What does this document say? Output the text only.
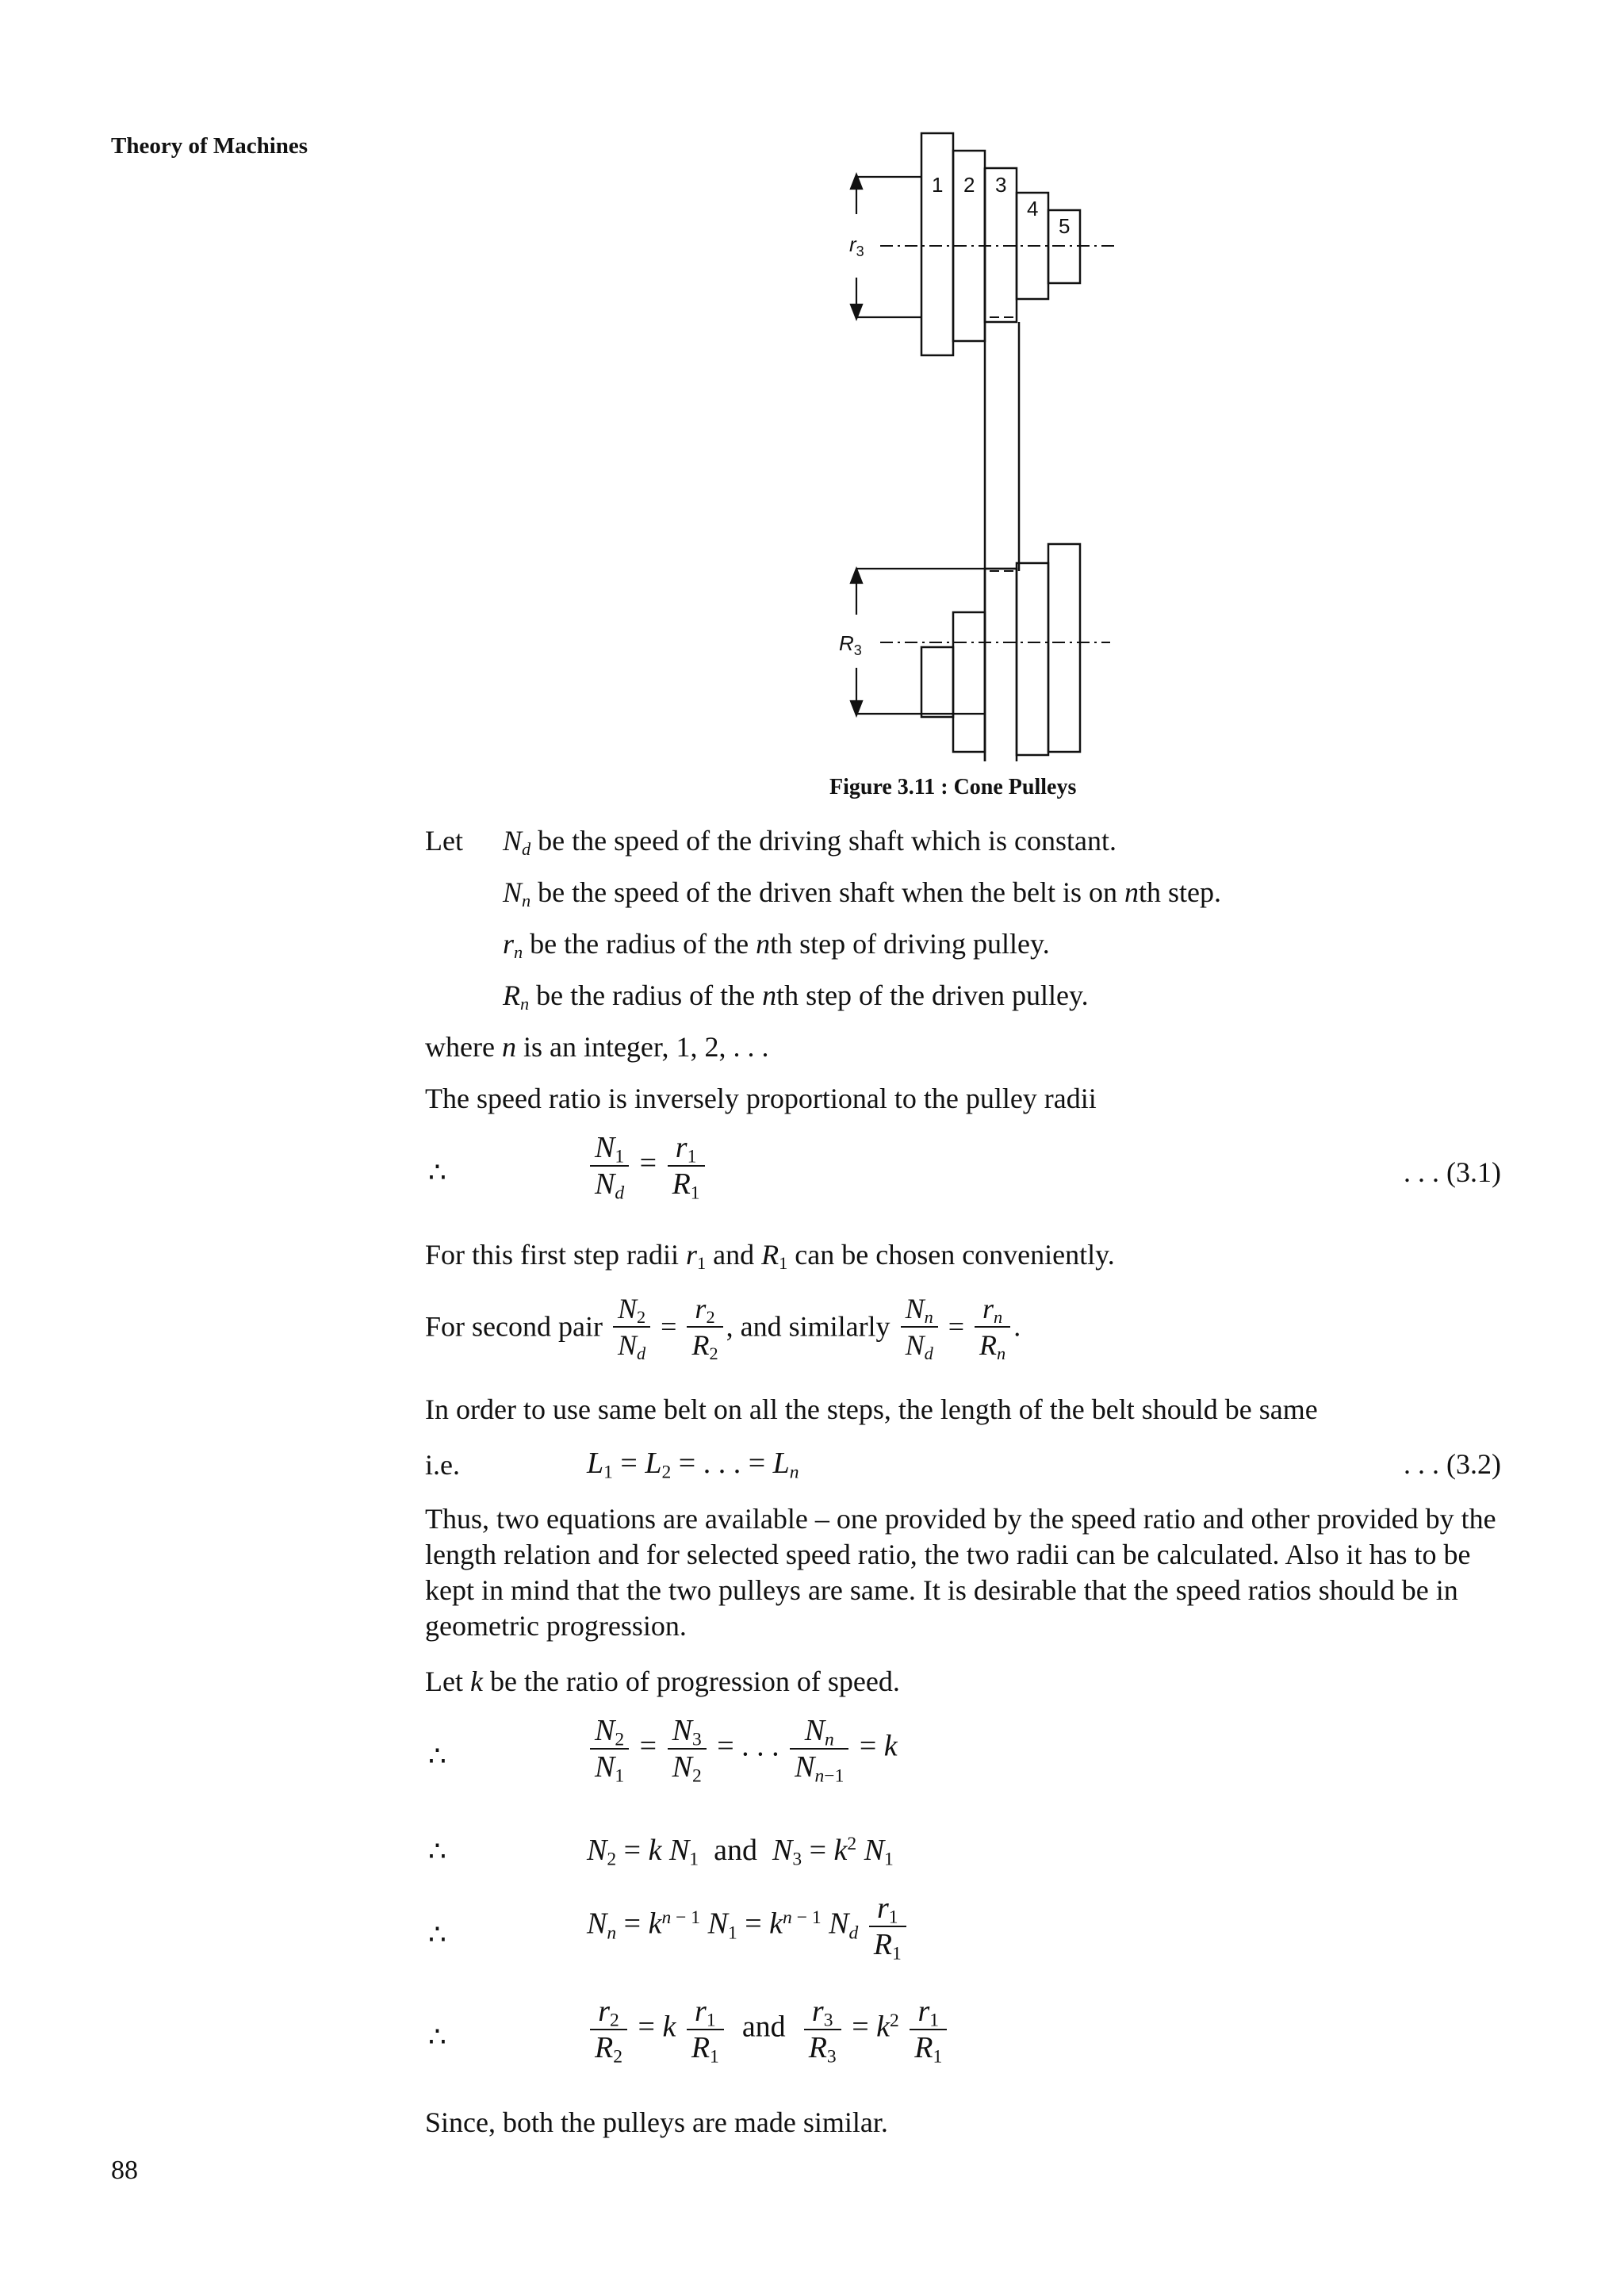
Theory of Machines
1 2 3
4
5
$r_3$
$R_3$
Figure 3.11 : Cone Pulleys
Let $N_d$ be the speed of the driving shaft which is constant.
$N_n$ be the speed of the driven shaft when the belt is on nth step.
$r_n$ be the radius of the nth step of driving pulley.
$R_n$ be the radius of the nth step of the driven pulley.
where n is an integer, 1, 2, . . .
The speed ratio is inversely proportional to the pulley radii
∴	$\frac{N_1}{N_d} = \frac{r_1}{R_1}$	. . . (3.1)
For this first step radii $r_1$ and $R_1$ can be chosen conveniently.
For second pair $\frac{N_2}{N_d} = \frac{r_2}{R_2}$ , and similarly $\frac{N_n}{N_d} = \frac{r_n}{R_n}$ .
In order to use same belt on all the steps, the length of the belt should be same
i.e.	$L_1 = L_2$ = . . . = $L_n$	. . . (3.2)
Thus, two equations are available – one provided by the speed ratio and other provided by the length relation and for selected speed ratio, the two radii can be calculated. Also it has to be kept in mind that the two pulleys are same. It is desirable that the speed ratios should be in geometric progression.
Let k be the ratio of progression of speed.
∴	$\frac{N_2}{N_1} = \frac{N_3}{N_2}$ = . . . $\frac{N_n}{N_{n-1}} = k$
∴	$N_2 = k$ $N_1$ and $N_3 = k^2$ $N_1$
∴	$N_n = k^{n - 1}$ $N_1 = k^{n - 1}$ $N_d \frac{r_1}{R_1}$
∴	$\frac{r_2}{R_2} = k \frac{r_1}{R_1}$ and $\frac{r_3}{R_3} = k^2 \frac{r_1}{R_1}$
Since, both the pulleys are made similar.
88
